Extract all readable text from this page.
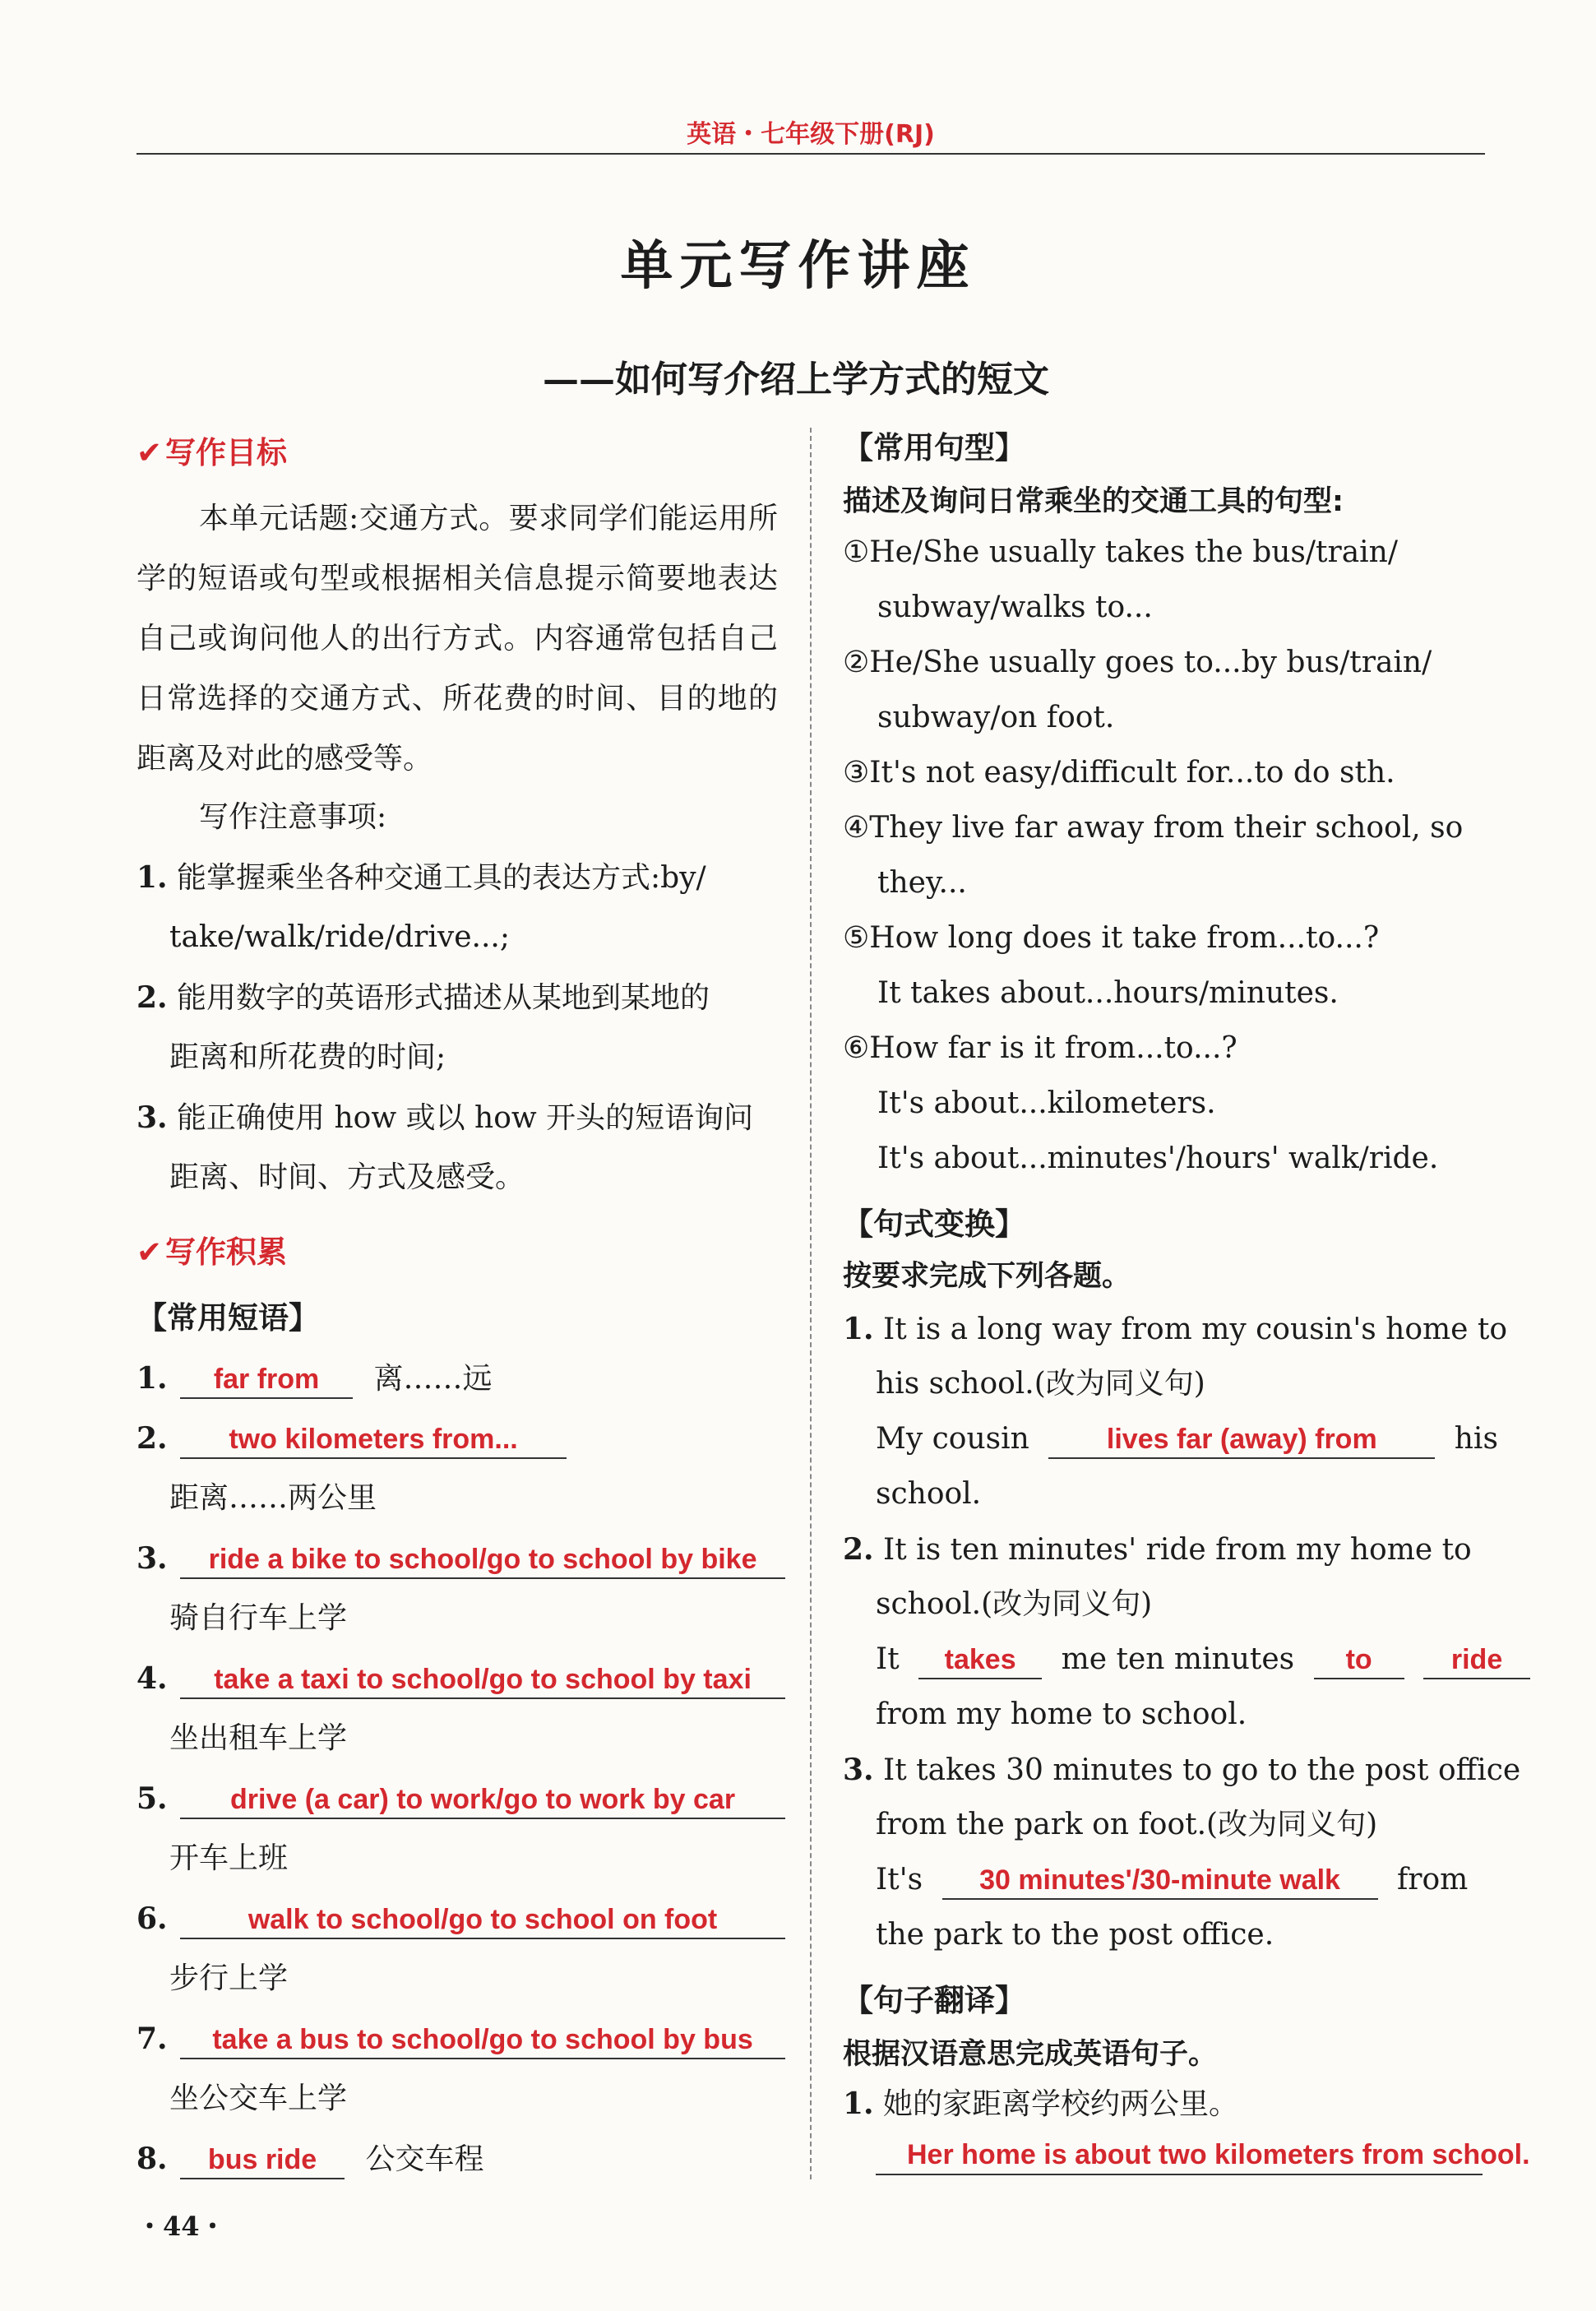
英语・七年级下册(RJ)
单元写作讲座
——如何写介绍上学方式的短文
✔ 写作目标
本单元话题:交通方式。要求同学们能运用所学的短语或句型或根据相关信息提示简要地表达自己或询问他人的出行方式。内容通常包括自己日常选择的交通方式、所花费的时间、目的地的距离及对此的感受等。
写作注意事项:
1. 能掌握乘坐各种交通工具的表达方式:by/
take/walk/ride/drive...;
2. 能用数字的英语形式描述从某地到某地的
距离和所花费的时间;
3. 能正确使用 how 或以 how 开头的短语询问
距离、时间、方式及感受。
✔ 写作积累
【常用短语】
1. far from 离……远
2. two kilometers from...
距离……两公里
3. ride a bike to school/go to school by bike
骑自行车上学
4. take a taxi to school/go to school by taxi
坐出租车上学
5. drive (a car) to work/go to work by car
开车上班
6.	walk to school/go to school on foot
步行上学
7. take a bus to school/go to school by bus
坐公交车上学
8. bus ride 公交车程
【常用句型】
描述及询问日常乘坐的交通工具的句型:
①He/She usually takes the bus/train/
subway/walks to...
②He/She usually goes to...by bus/train/
subway/on foot.
③It's not easy/difficult for...to do sth.
④They live far away from their school, so
they...
⑤How long does it take from...to...?
It takes about...hours/minutes.
⑥How far is it from...to...?
It's about...kilometers.
It's about...minutes'/hours' walk/ride.
【句式变换】
按要求完成下列各题。
1. It is a long way from my cousin's home to
his school.(改为同义句)
My cousin	lives far (away) from	his
school.
2. It is ten minutes' ride from my home to
school.(改为同义句)
It takes me ten minutes to	ride
from my home to school.
3. It takes 30 minutes to go to the post office
from the park on foot.(改为同义句)
It's 30 minutes'/30-minute walk from
the park to the post office.
【句子翻译】
根据汉语意思完成英语句子。
1. 她的家距离学校约两公里。
Her home is about two kilometers from school.
・44・
